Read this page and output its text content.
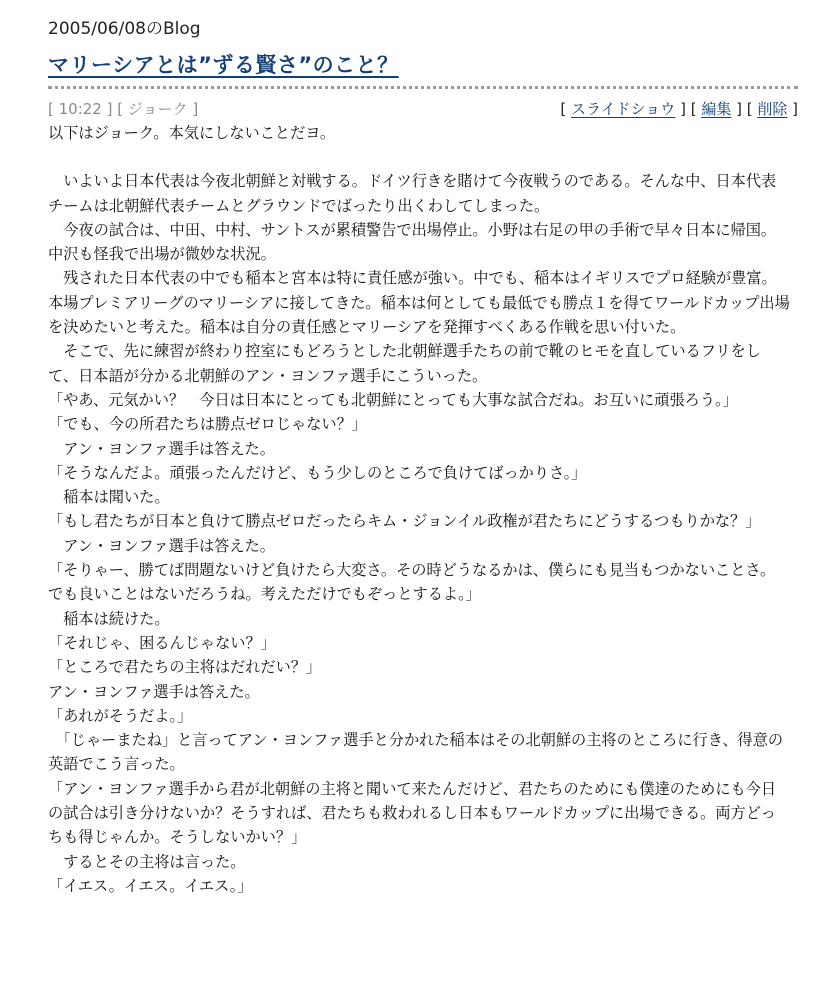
2005/06/08のBlog
マリーシアとは”ずる賢さ”のこと？
[ 10:22 ] [ ジョーク ]	[ スライドショウ ] [ 編集 ] [ 削除 ]

以下はジョーク。本気にしないことだヨ。

　いよいよ日本代表は今夜北朝鮮と対戦する。ドイツ行きを賭けて今夜戦うのである。そんな中、日本代表チームは北朝鮮代表チームとグラウンドでばったり出くわしてしまった。

　今夜の試合は、中田、中村、サントスが累積警告で出場停止。小野は右足の甲の手術で早々日本に帰国。中沢も怪我で出場が微妙な状況。

　残された日本代表の中でも稲本と宮本は特に責任感が強い。中でも、稲本はイギリスでプロ経験が豊富。本場プレミアリーグのマリーシアに接してきた。稲本は何としても最低でも勝点１を得てワールドカップ出場を決めたいと考えた。稲本は自分の責任感とマリーシアを発揮すべくある作戦を思い付いた。

　そこで、先に練習が終わり控室にもどろうとした北朝鮮選手たちの前で靴のヒモを直しているフリをして、日本語が分かる北朝鮮のアン・ヨンファ選手にこういった。

「やあ、元気かい？　今日は日本にとっても北朝鮮にとっても大事な試合だね。お互いに頑張ろう。」

「でも、今の所君たちは勝点ゼロじゃない？」

　アン・ヨンファ選手は答えた。

「そうなんだよ。頑張ったんだけど、もう少しのところで負けてばっかりさ。」

　稲本は聞いた。

「もし君たちが日本と負けて勝点ゼロだったらキム・ジョンイル政権が君たちにどうするつもりかな？」

　アン・ヨンファ選手は答えた。

「そりゃー、勝てば問題ないけど負けたら大変さ。その時どうなるかは、僕らにも見当もつかないことさ。でも良いことはないだろうね。考えただけでもぞっとするよ。」

　稲本は続けた。

「それじゃ、困るんじゃない？」

「ところで君たちの主将はだれだい？」

アン・ヨンファ選手は答えた。

「あれがそうだよ。」

　「じゃーまたね」と言ってアン・ヨンファ選手と分かれた稲本はその北朝鮮の主将のところに行き、得意の英語でこう言った。

「アン・ヨンファ選手から君が北朝鮮の主将と聞いて来たんだけど、君たちのためにも僕達のためにも今日の試合は引き分けないか？そうすれば、君たちも救われるし日本もワールドカップに出場できる。両方どっちも得じゃんか。そうしないかい？」

　するとその主将は言った。

「イエス。イエス。イエス。」
